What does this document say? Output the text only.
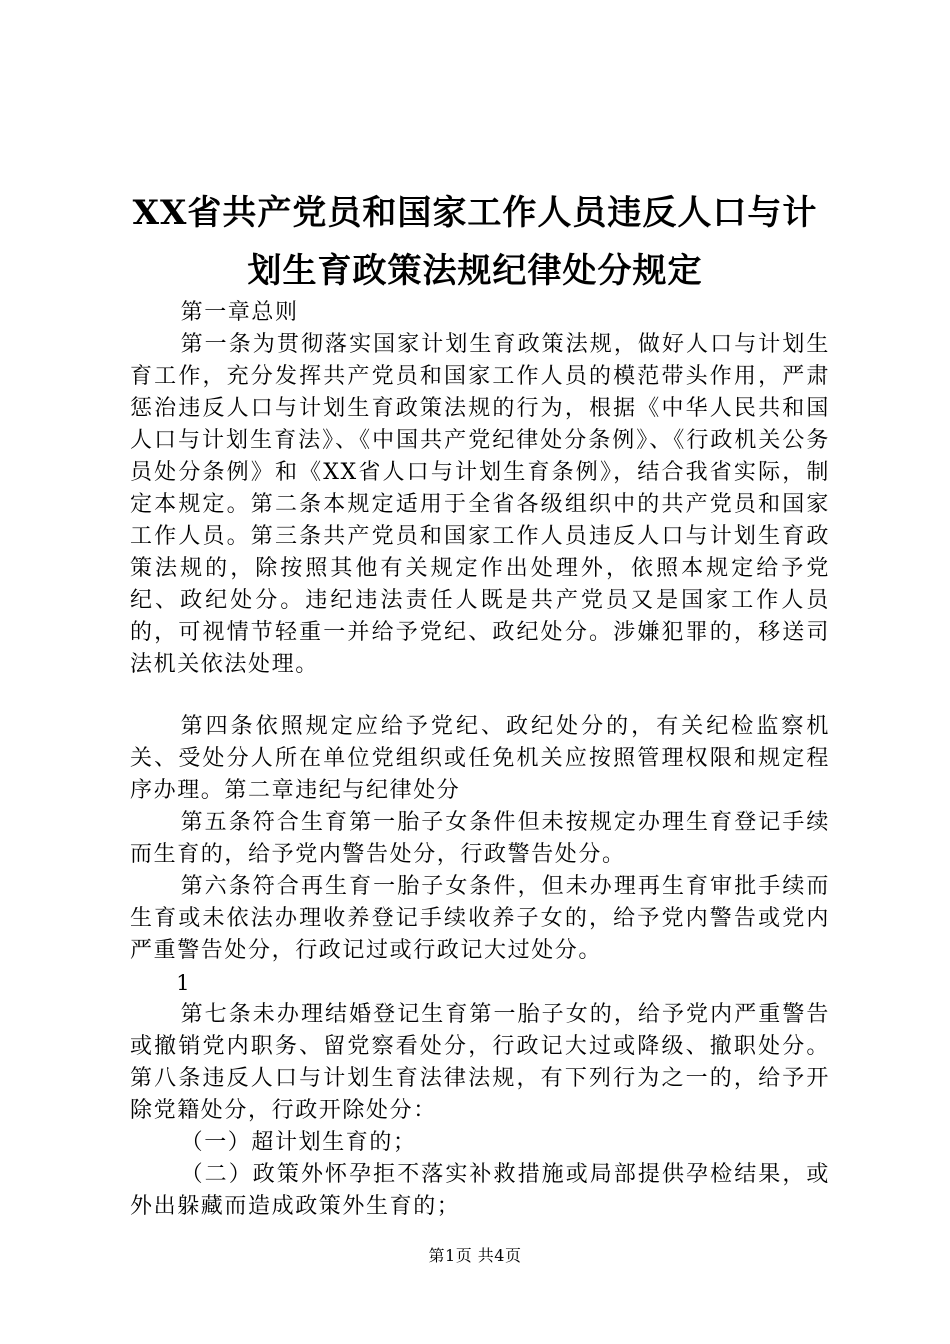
XX省共产党员和国家工作人员违反人口与计
划生育政策法规纪律处分规定

第一章总则

第一条为贯彻落实国家计划生育政策法规，做好人口与计划生育工作，充分发挥共产党员和国家工作人员的模范带头作用，严肃惩治违反人口与计划生育政策法规的行为，根据《中华人民共和国人口与计划生育法》、《中国共产党纪律处分条例》、《行政机关公务员处分条例》和《XX省人口与计划生育条例》，结合我省实际，制定本规定。第二条本规定适用于全省各级组织中的共产党员和国家工作人员。第三条共产党员和国家工作人员违反人口与计划生育政策法规的，除按照其他有关规定作出处理外，依照本规定给予党纪、政纪处分。违纪违法责任人既是共产党员又是国家工作人员的，可视情节轻重一并给予党纪、政纪处分。涉嫌犯罪的，移送司法机关依法处理。

第四条依照规定应给予党纪、政纪处分的，有关纪检监察机关、受处分人所在单位党组织或任免机关应按照管理权限和规定程序办理。第二章违纪与纪律处分

第五条符合生育第一胎子女条件但未按规定办理生育登记手续而生育的，给予党内警告处分，行政警告处分。

第六条符合再生育一胎子女条件，但未办理再生育审批手续而生育或未依法办理收养登记手续收养子女的，给予党内警告或党内严重警告处分，行政记过或行政记大过处分。

1

第七条未办理结婚登记生育第一胎子女的，给予党内严重警告或撤销党内职务、留党察看处分，行政记大过或降级、撤职处分。第八条违反人口与计划生育法律法规，有下列行为之一的，给予开除党籍处分，行政开除处分：

（一）超计划生育的；

（二）政策外怀孕拒不落实补救措施或局部提供孕检结果，或外出躲藏而造成政策外生育的；

第1页 共4页
